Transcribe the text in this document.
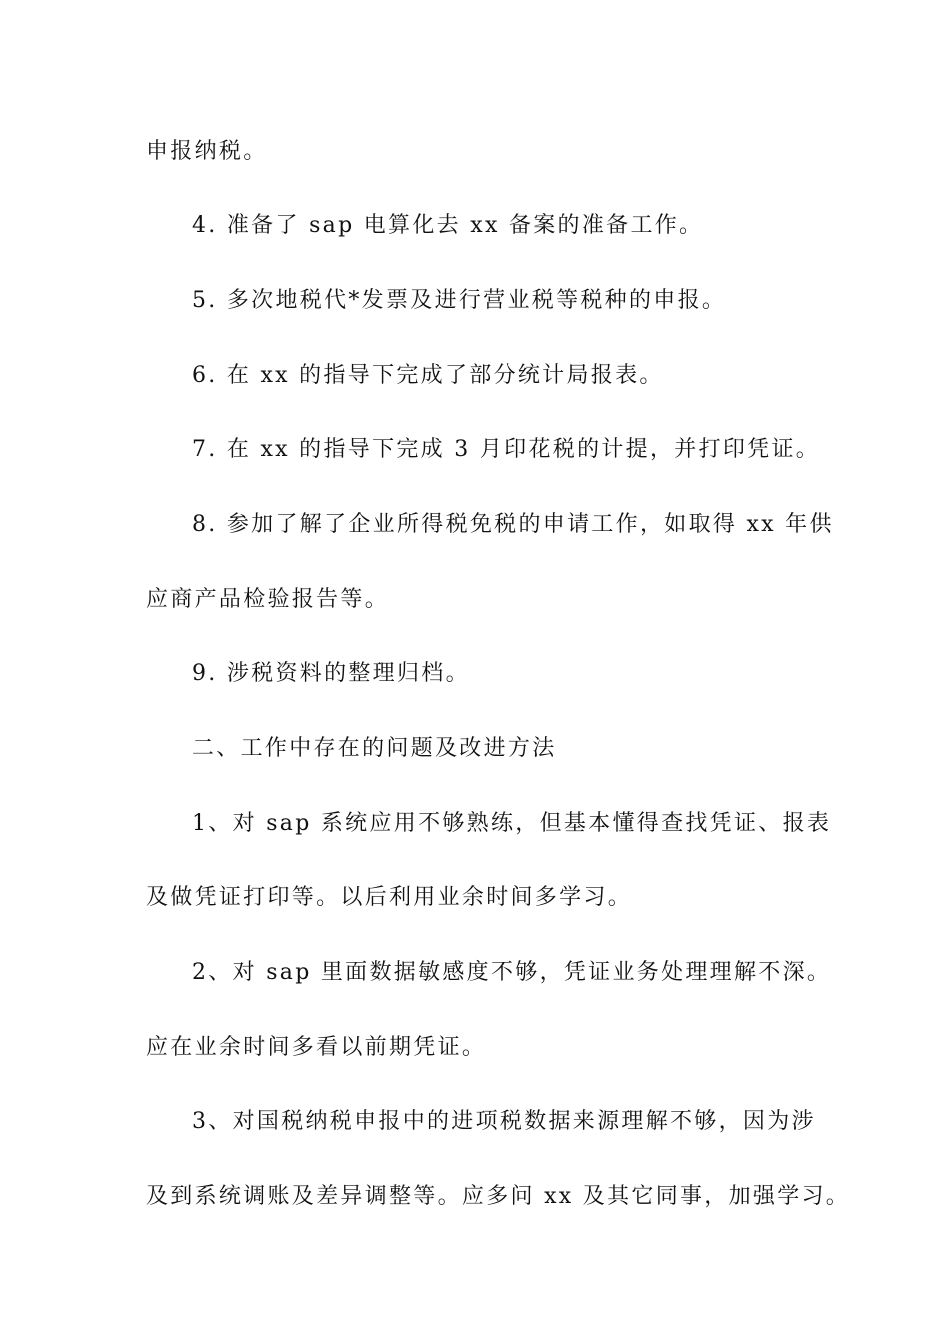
申报纳税。
4. 准备了 sap 电算化去 xx 备案的准备工作。
5. 多次地税代*发票及进行营业税等税种的申报。
6. 在 xx 的指导下完成了部分统计局报表。
7. 在 xx 的指导下完成 3 月印花税的计提，并打印凭证。
8. 参加了解了企业所得税免税的申请工作，如取得 xx 年供
应商产品检验报告等。
9. 涉税资料的整理归档。
二、工作中存在的问题及改进方法
1、对 sap 系统应用不够熟练，但基本懂得查找凭证、报表
及做凭证打印等。以后利用业余时间多学习。
2、对 sap 里面数据敏感度不够，凭证业务处理理解不深。
应在业余时间多看以前期凭证。
3、对国税纳税申报中的进项税数据来源理解不够，因为涉
及到系统调账及差异调整等。应多问 xx 及其它同事，加强学习。
